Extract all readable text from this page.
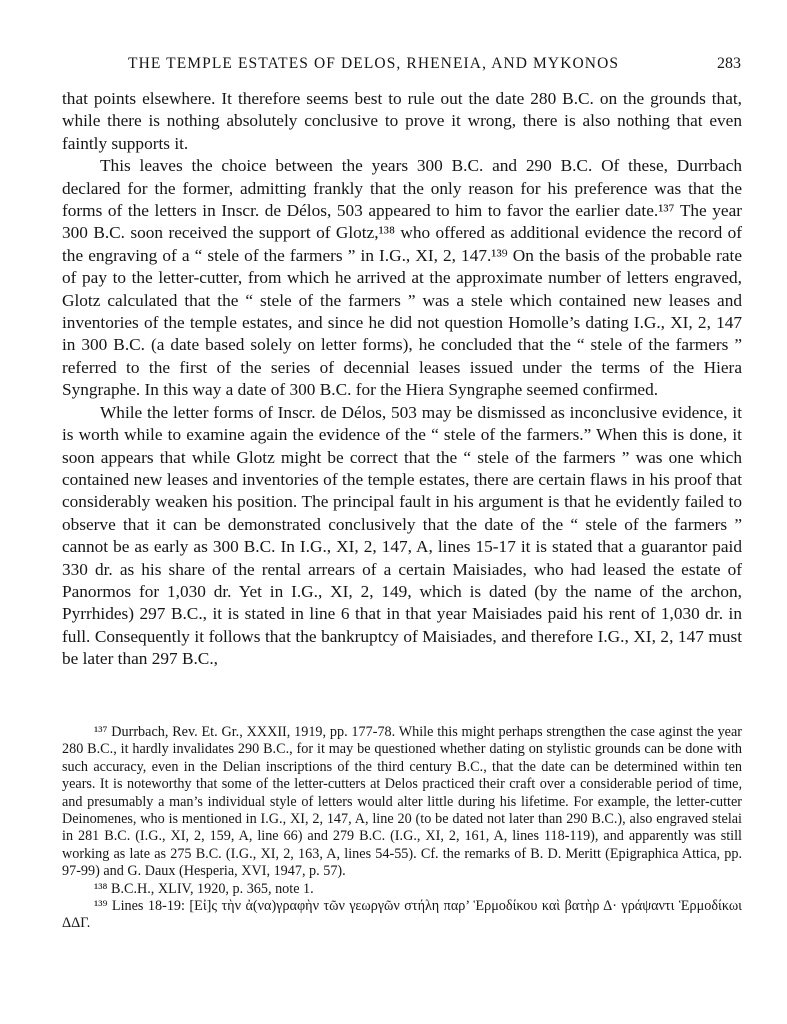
THE TEMPLE ESTATES OF DELOS, RHENEIA, AND MYKONOS	283

that points elsewhere. It therefore seems best to rule out the date 280 B.C. on the grounds that, while there is nothing absolutely conclusive to prove it wrong, there is also nothing that even faintly supports it.

This leaves the choice between the years 300 B.C. and 290 B.C. Of these, Durrbach declared for the former, admitting frankly that the only reason for his preference was that the forms of the letters in Inscr. de Délos, 503 appeared to him to favor the earlier date.¹³⁷ The year 300 B.C. soon received the support of Glotz,¹³⁸ who offered as additional evidence the record of the engraving of a “ stele of the farmers ” in I.G., XI, 2, 147.¹³⁹ On the basis of the probable rate of pay to the letter-cutter, from which he arrived at the approximate number of letters engraved, Glotz calculated that the “ stele of the farmers ” was a stele which contained new leases and inventories of the temple estates, and since he did not question Homolle’s dating I.G., XI, 2, 147 in 300 B.C. (a date based solely on letter forms), he concluded that the “ stele of the farmers ” referred to the first of the series of decennial leases issued under the terms of the Hiera Syngraphe. In this way a date of 300 B.C. for the Hiera Syngraphe seemed confirmed.

While the letter forms of Inscr. de Délos, 503 may be dismissed as inconclusive evidence, it is worth while to examine again the evidence of the “ stele of the farmers.” When this is done, it soon appears that while Glotz might be correct that the “ stele of the farmers ” was one which contained new leases and inventories of the temple estates, there are certain flaws in his proof that considerably weaken his position. The principal fault in his argument is that he evidently failed to observe that it can be demonstrated conclusively that the date of the “ stele of the farmers ” cannot be as early as 300 B.C. In I.G., XI, 2, 147, A, lines 15-17 it is stated that a guarantor paid 330 dr. as his share of the rental arrears of a certain Maisiades, who had leased the estate of Panormos for 1,030 dr. Yet in I.G., XI, 2, 149, which is dated (by the name of the archon, Pyrrhides) 297 B.C., it is stated in line 6 that in that year Maisiades paid his rent of 1,030 dr. in full. Consequently it follows that the bankruptcy of Maisiades, and therefore I.G., XI, 2, 147 must be later than 297 B.C.,

¹³⁷ Durrbach, Rev. Et. Gr., XXXII, 1919, pp. 177-78. While this might perhaps strengthen the case aginst the year 280 B.C., it hardly invalidates 290 B.C., for it may be questioned whether dating on stylistic grounds can be done with such accuracy, even in the Delian inscriptions of the third century B.C., that the date can be determined within ten years. It is noteworthy that some of the letter-cutters at Delos practiced their craft over a considerable period of time, and presumably a man’s individual style of letters would alter little during his lifetime. For example, the letter-cutter Deinomenes, who is mentioned in I.G., XI, 2, 147, A, line 20 (to be dated not later than 290 B.C.), also engraved stelai in 281 B.C. (I.G., XI, 2, 159, A, line 66) and 279 B.C. (I.G., XI, 2, 161, A, lines 118-119), and apparently was still working as late as 275 B.C. (I.G., XI, 2, 163, A, lines 54-55). Cf. the remarks of B. D. Meritt (Epigraphica Attica, pp. 97-99) and G. Daux (Hesperia, XVI, 1947, p. 57).

¹³⁸ B.C.H., XLIV, 1920, p. 365, note 1.

¹³⁹ Lines 18-19: [Εἰ]ς τὴν ἀ(να)γραφὴν τῶν γεωργῶν στήλη παρ’ Ἑρμοδίκου καὶ βατὴρ Δ· γράψαντι Ἑρμοδίκωι ΔΔΓ.
